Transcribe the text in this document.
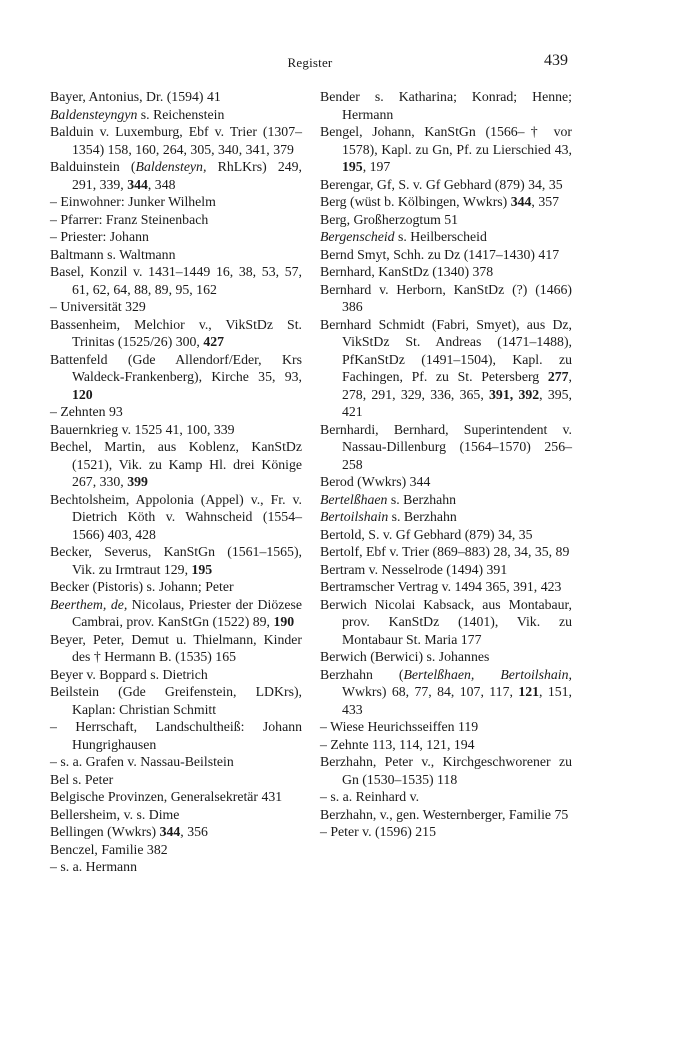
Register	439

Bayer, Antonius, Dr. (1594) 41

Baldensteyngyn s. Reichenstein

Balduin v. Luxemburg, Ebf v. Trier (1307–1354) 158, 160, 264, 305, 340, 341, 379

Balduinstein (Baldensteyn, RhLKrs) 249, 291, 339, 344, 348

– Einwohner: Junker Wilhelm

– Pfarrer: Franz Steinenbach

– Priester: Johann

Baltmann s. Waltmann

Basel, Konzil v. 1431–1449 16, 38, 53, 57, 61, 62, 64, 88, 89, 95, 162

– Universität 329

Bassenheim, Melchior v., VikStDz St. Trinitas (1525/26) 300, 427

Battenfeld (Gde Allendorf/Eder, Krs Waldeck-Frankenberg), Kirche 35, 93, 120

– Zehnten 93

Bauernkrieg v. 1525 41, 100, 339

Bechel, Martin, aus Koblenz, KanStDz (1521), Vik. zu Kamp Hl. drei Könige 267, 330, 399

Bechtolsheim, Appolonia (Appel) v., Fr. v. Dietrich Köth v. Wahnscheid (1554–1566) 403, 428

Becker, Severus, KanStGn (1561–1565), Vik. zu Irmtraut 129, 195

Becker (Pistoris) s. Johann; Peter

Beerthem, de, Nicolaus, Priester der Diözese Cambrai, prov. KanStGn (1522) 89, 190

Beyer, Peter, Demut u. Thielmann, Kinder des † Hermann B. (1535) 165

Beyer v. Boppard s. Dietrich

Beilstein (Gde Greifenstein, LDKrs), Kaplan: Christian Schmitt

– Herrschaft, Landschultheiß: Johann Hungrighausen

– s. a. Grafen v. Nassau-Beilstein

Bel s. Peter

Belgische Provinzen, Generalsekretär 431

Bellersheim, v. s. Dime

Bellingen (Wwkrs) 344, 356

Benczel, Familie 382

– s. a. Hermann

Bender s. Katharina; Konrad; Henne; Hermann

Bengel, Johann, KanStGn (1566–† vor 1578), Kapl. zu Gn, Pf. zu Lierschied 43, 195, 197

Berengar, Gf, S. v. Gf Gebhard (879) 34, 35

Berg (wüst b. Kölbingen, Wwkrs) 344, 357

Berg, Großherzogtum 51

Bergenscheid s. Heilberscheid

Bernd Smyt, Schh. zu Dz (1417–1430) 417

Bernhard, KanStDz (1340) 378

Bernhard v. Herborn, KanStDz (?) (1466) 386

Bernhard Schmidt (Fabri, Smyet), aus Dz, VikStDz St. Andreas (1471–1488), PfKanStDz (1491–1504), Kapl. zu Fachingen, Pf. zu St. Petersberg 277, 278, 291, 329, 336, 365, 391, 392, 395, 421

Bernhardi, Bernhard, Superintendent v. Nassau-Dillenburg (1564–1570) 256–258

Berod (Wwkrs) 344

Bertelßhaen s. Berzhahn

Bertoilshain s. Berzhahn

Bertold, S. v. Gf Gebhard (879) 34, 35

Bertolf, Ebf v. Trier (869–883) 28, 34, 35, 89

Bertram v. Nesselrode (1494) 391

Bertramscher Vertrag v. 1494 365, 391, 423

Berwich Nicolai Kabsack, aus Montabaur, prov. KanStDz (1401), Vik. zu Montabaur St. Maria 177

Berwich (Berwici) s. Johannes

Berzhahn (Bertelßhaen, Bertoilshain, Wwkrs) 68, 77, 84, 107, 117, 121, 151, 433

– Wiese Heurichsseiffen 119

– Zehnte 113, 114, 121, 194

Berzhahn, Peter v., Kirchgeschworener zu Gn (1530–1535) 118

– s. a. Reinhard v.

Berzhahn, v., gen. Westernberger, Familie 75

– Peter v. (1596) 215
